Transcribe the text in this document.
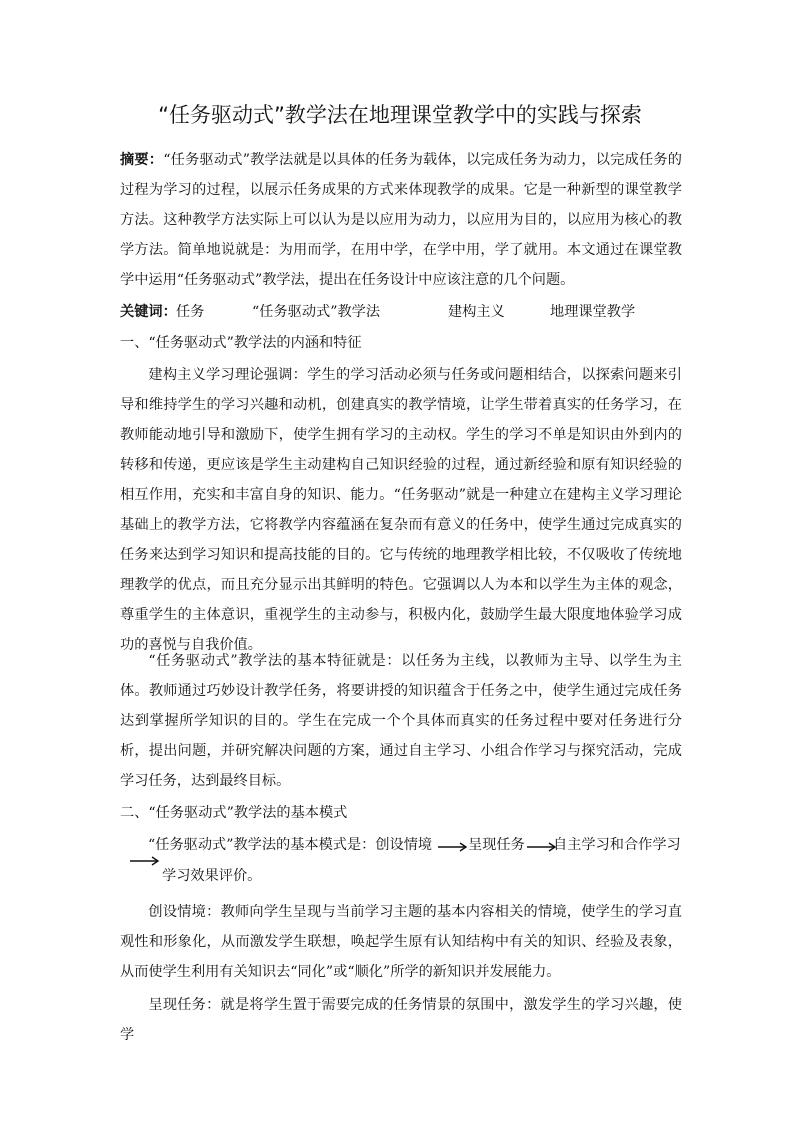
“任务驱动式”教学法在地理课堂教学中的实践与探索

摘要：“任务驱动式”教学法就是以具体的任务为载体，以完成任务为动力，以完成任务的过程为学习的过程，以展示任务成果的方式来体现教学的成果。它是一种新型的课堂教学方法。这种教学方法实际上可以认为是以应用为动力，以应用为目的，以应用为核心的教学方法。简单地说就是：为用而学，在用中学，在学中用，学了就用。本文通过在课堂教学中运用“任务驱动式”教学法，提出在任务设计中应该注意的几个问题。

关键词： 任务	“任务驱动式”教学法	建构主义	地理课堂教学
一、“任务驱动式”教学法的内涵和特征

建构主义学习理论强调：学生的学习活动必须与任务或问题相结合，以探索问题来引导和维持学生的学习兴趣和动机，创建真实的教学情境，让学生带着真实的任务学习，在教师能动地引导和激励下，使学生拥有学习的主动权。学生的学习不单是知识由外到内的转移和传递，更应该是学生主动建构自己知识经验的过程，通过新经验和原有知识经验的相互作用，充实和丰富自身的知识、能力。“任务驱动”就是一种建立在建构主义学习理论基础上的教学方法，它将教学内容蕴涵在复杂而有意义的任务中，使学生通过完成真实的任务来达到学习知识和提高技能的目的。它与传统的地理教学相比较，不仅吸收了传统地理教学的优点，而且充分显示出其鲜明的特色。它强调以人为本和以学生为主体的观念，尊重学生的主体意识，重视学生的主动参与，积极内化，鼓励学生最大限度地体验学习成功的喜悦与自我价值。

“任务驱动式”教学法的基本特征就是：以任务为主线，以教师为主导、以学生为主体。教师通过巧妙设计教学任务，将要讲授的知识蕴含于任务之中，使学生通过完成任务达到掌握所学知识的目的。学生在完成一个个具体而真实的任务过程中要对任务进行分析，提出问题，并研究解决问题的方案，通过自主学习、小组合作学习与探究活动，完成学习任务，达到最终目标。

二、“任务驱动式”教学法的基本模式
“任务驱动式”教学法的基本模式是：创设情境	呈现任务 自主学习和合作学习
学习效果评价。

创设情境：教师向学生呈现与当前学习主题的基本内容相关的情境，使学生的学习直观性和形象化，从而激发学生联想，唤起学生原有认知结构中有关的知识、经验及表象，从而使学生利用有关知识去“同化”或“顺化”所学的新知识并发展能力。

呈现任务：就是将学生置于需要完成的任务情景的氛围中，激发学生的学习兴趣，使学
